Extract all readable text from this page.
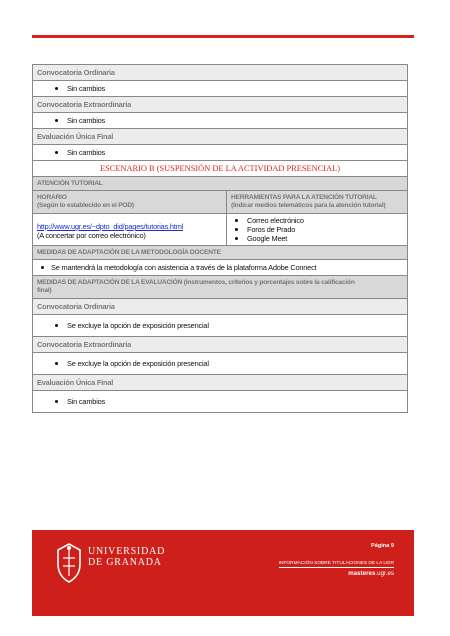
Convocatoria Ordinaria
Sin cambios
Convocatoria Extraordinaria
Sin cambios
Evaluación Única Final
Sin cambios
ESCENARIO B (SUSPENSIÓN DE LA ACTIVIDAD PRESENCIAL)
ATENCIÓN TUTORIAL
HORARIO
(Según lo establecido en el POD)
HERRAMIENTAS PARA LA ATENCIÓN TUTORIAL
(Indicar medios telemáticos para la atención tutorial)
http://www.ugr.es/~dpto_did/pages/tutorias.html
(A concertar por correo electrónico)
Correo electrónico
Foros de Prado
Google Meet
MEDIDAS DE ADAPTACIÓN DE LA METODOLOGÍA DOCENTE
Se mantendrá la metodología con asistencia a través de la plataforma Adobe Connect
MEDIDAS DE ADAPTACIÓN DE LA EVALUACIÓN (Instrumentos, criterios y porcentajes sobre la calificación
final)
Convocatoria Ordinaria
Se excluye la opción de exposición presencial
Convocatoria Extraordinaria
Se excluye la opción de exposición presencial
Evaluación Única Final
Sin cambios
UNIVERSIDAD
DE GRANADA
Página 9
INFORMACIÓN SOBRE TITULACIONES DE LA UGR
masteres.ugr.es
